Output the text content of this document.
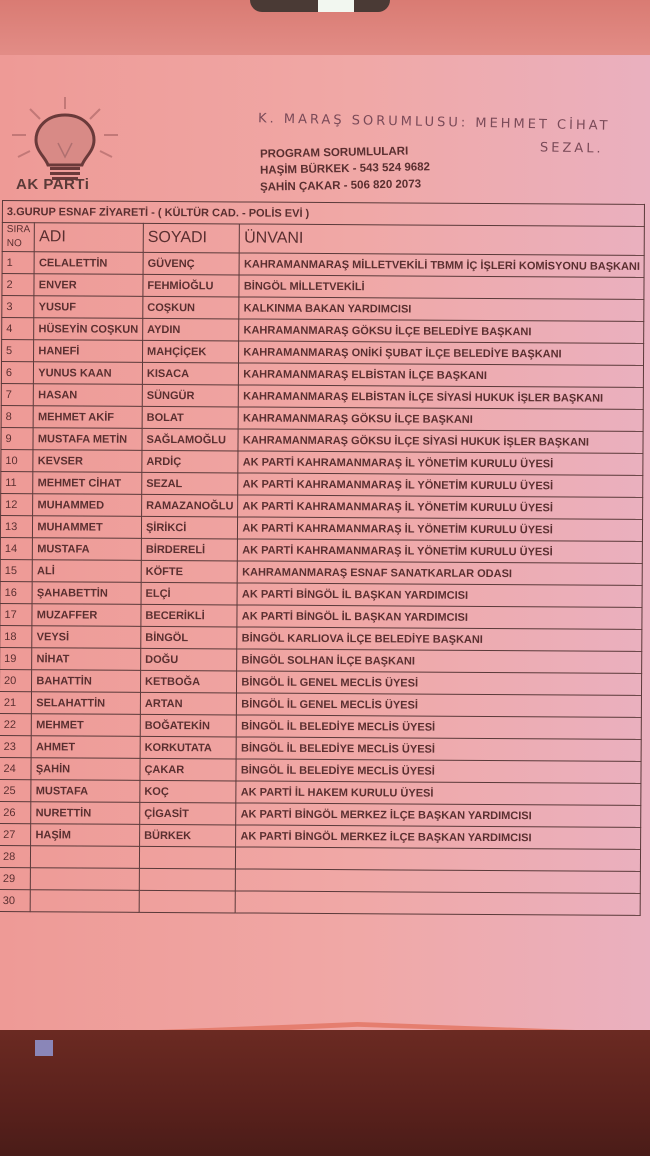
AK PARTi
K. MARAŞ SORUMLUSU: MEHMET CİHAT
SEZAL.
PROGRAM SORUMLULARI
HAŞİM BÜRKEK - 543 524 9682
ŞAHİN ÇAKAR - 506 820 2073
3.GURUP ESNAF ZİYARETİ - ( KÜLTÜR CAD. - POLİS EVİ )			
SIRA
NO	ADI	SOYADI	ÜNVANI
1	CELALETTİN	GÜVENÇ	KAHRAMANMARAŞ MİLLETVEKİLİ TBMM İÇ İŞLERİ KOMİSYONU BAŞKANI
2	ENVER	FEHMİOĞLU	BİNGÖL MİLLETVEKİLİ
3	YUSUF	COŞKUN	KALKINMA BAKAN YARDIMCISI
4	HÜSEYİN COŞKUN	AYDIN	KAHRAMANMARAŞ GÖKSU İLÇE BELEDİYE BAŞKANI
5	HANEFİ	MAHÇİÇEK	KAHRAMANMARAŞ ONİKİ ŞUBAT İLÇE BELEDİYE BAŞKANI
6	YUNUS KAAN	KISACA	KAHRAMANMARAŞ ELBİSTAN İLÇE BAŞKANI
7	HASAN	SÜNGÜR	KAHRAMANMARAŞ ELBİSTAN İLÇE SİYASİ HUKUK İŞLER BAŞKANI
8	MEHMET AKİF	BOLAT	KAHRAMANMARAŞ GÖKSU İLÇE BAŞKANI
9	MUSTAFA METİN	SAĞLAMOĞLU	KAHRAMANMARAŞ GÖKSU İLÇE SİYASİ HUKUK İŞLER BAŞKANI
10	KEVSER	ARDİÇ	AK PARTİ KAHRAMANMARAŞ İL YÖNETİM KURULU ÜYESİ
11	MEHMET CİHAT	SEZAL	AK PARTİ KAHRAMANMARAŞ İL YÖNETİM KURULU ÜYESİ
12	MUHAMMED	RAMAZANOĞLU	AK PARTİ KAHRAMANMARAŞ İL YÖNETİM KURULU ÜYESİ
13	MUHAMMET	ŞİRİKCİ	AK PARTİ KAHRAMANMARAŞ İL YÖNETİM KURULU ÜYESİ
14	MUSTAFA	BİRDERELİ	AK PARTİ KAHRAMANMARAŞ İL YÖNETİM KURULU ÜYESİ
15	ALİ	KÖFTE	KAHRAMANMARAŞ ESNAF SANATKARLAR ODASI
16	ŞAHABETTİN	ELÇİ	AK PARTİ BİNGÖL İL BAŞKAN YARDIMCISI
17	MUZAFFER	BECERİKLİ	AK PARTİ BİNGÖL İL BAŞKAN YARDIMCISI
18	VEYSİ	BİNGÖL	BİNGÖL KARLIOVA İLÇE BELEDİYE BAŞKANI
19	NİHAT	DOĞU	BİNGÖL SOLHAN İLÇE BAŞKANI
20	BAHATTİN	KETBOĞA	BİNGÖL İL GENEL MECLİS ÜYESİ
21	SELAHATTİN	ARTAN	BİNGÖL İL GENEL MECLİS ÜYESİ
22	MEHMET	BOĞATEKİN	BİNGÖL İL BELEDİYE MECLİS ÜYESİ
23	AHMET	KORKUTATA	BİNGÖL İL BELEDİYE MECLİS ÜYESİ
24	ŞAHİN	ÇAKAR	BİNGÖL İL BELEDİYE MECLİS ÜYESİ
25	MUSTAFA	KOÇ	AK PARTİ İL HAKEM KURULU ÜYESİ
26	NURETTİN	ÇİGASİT	AK PARTİ BİNGÖL MERKEZ İLÇE BAŞKAN YARDIMCISI
27	HAŞİM	BÜRKEK	AK PARTİ BİNGÖL MERKEZ İLÇE BAŞKAN YARDIMCISI
28			
29			
30			
